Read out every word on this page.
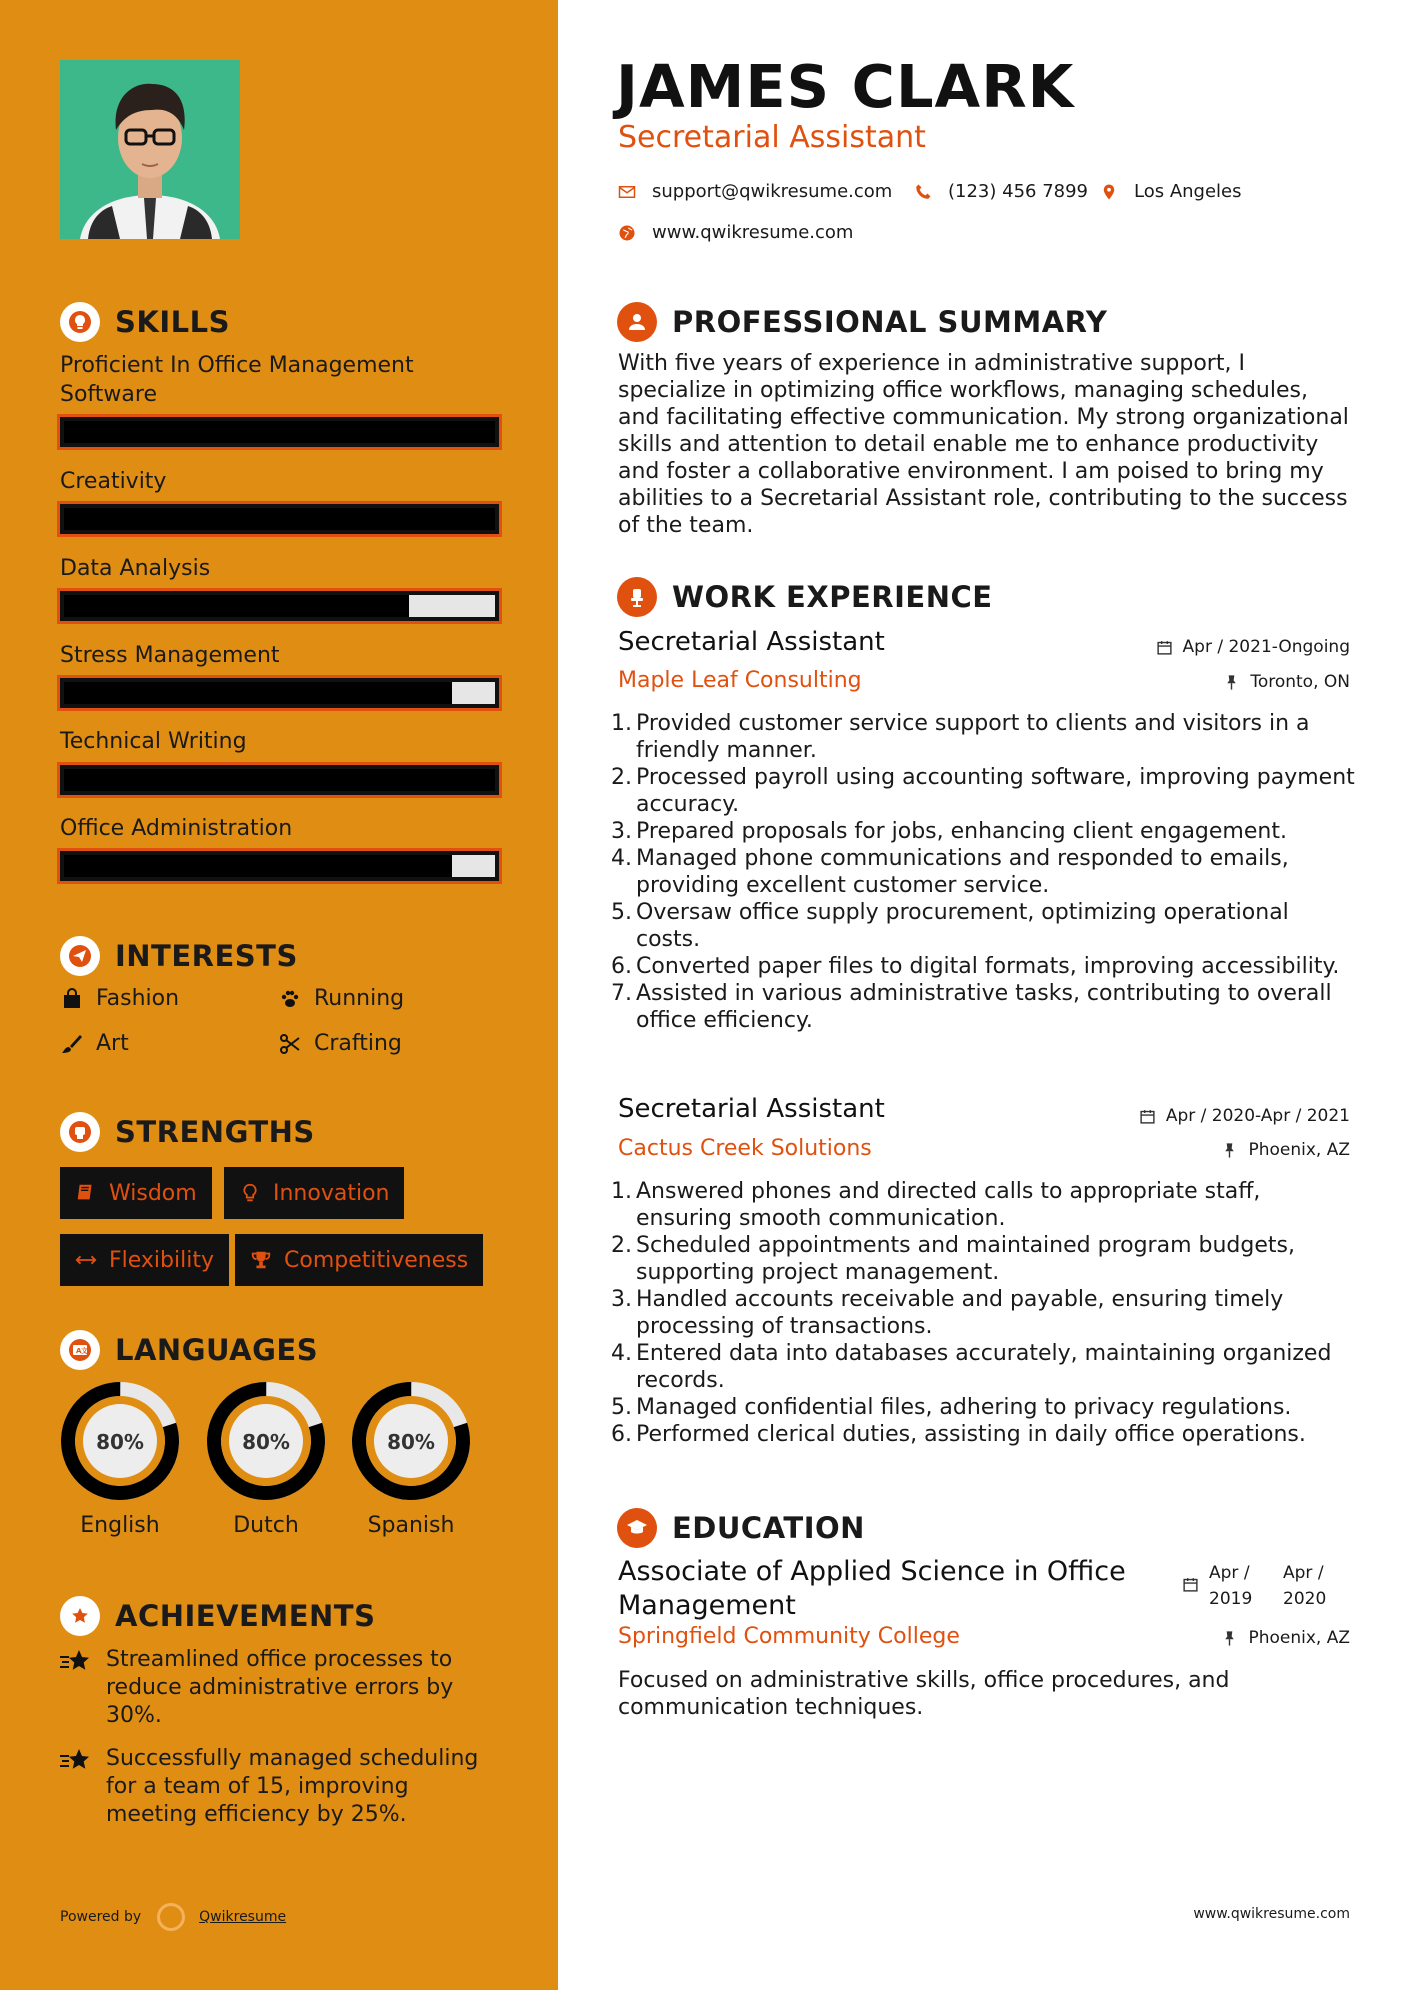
SKILLS
Proficient In Office Management Software
Creativity
Data Analysis
Stress Management
Technical Writing
Office Administration
INTERESTS
Fashion	Running
Art	Crafting
STRENGTHS
Wisdom	Innovation
Flexibility	Competitiveness
A 文 LANGUAGES
80%
English
80%
Dutch
80%
Spanish
ACHIEVEMENTS
Streamlined office processes to reduce administrative errors by 30%.
Successfully managed scheduling for a team of 15, improving meeting efficiency by 25%.
Powered by	Qwikresume
JAMES CLARK
Secretarial Assistant
support@qwikresume.com	(123) 456 7899	Los Angeles
www.qwikresume.com
PROFESSIONAL SUMMARY
With five years of experience in administrative support, I specialize in optimizing office workflows, managing schedules, and facilitating effective communication. My strong organizational skills and attention to detail enable me to enhance productivity and foster a collaborative environment. I am poised to bring my abilities to a Secretarial Assistant role, contributing to the success of the team.
WORK EXPERIENCE
Secretarial Assistant	Apr / 2021-Ongoing
Maple Leaf Consulting	Toronto, ON
1. Provided customer service support to clients and visitors in a friendly manner.
2. Processed payroll using accounting software, improving payment accuracy.
3. Prepared proposals for jobs, enhancing client engagement.
4. Managed phone communications and responded to emails, providing excellent customer service.
5. Oversaw office supply procurement, optimizing operational costs.
6. Converted paper files to digital formats, improving accessibility.
7. Assisted in various administrative tasks, contributing to overall office efficiency.
Secretarial Assistant	Apr / 2020-Apr / 2021
Cactus Creek Solutions	Phoenix, AZ
1. Answered phones and directed calls to appropriate staff, ensuring smooth communication.
2. Scheduled appointments and maintained program budgets, supporting project management.
3. Handled accounts receivable and payable, ensuring timely processing of transactions.
4. Entered data into databases accurately, maintaining organized records.
5. Managed confidential files, adhering to privacy regulations.
6. Performed clerical duties, assisting in daily office operations.
EDUCATION
Associate of Applied Science in Office Management
Apr / 2019
Apr / 2020
Springfield Community College	Phoenix, AZ
Focused on administrative skills, office procedures, and communication techniques.
www.qwikresume.com
